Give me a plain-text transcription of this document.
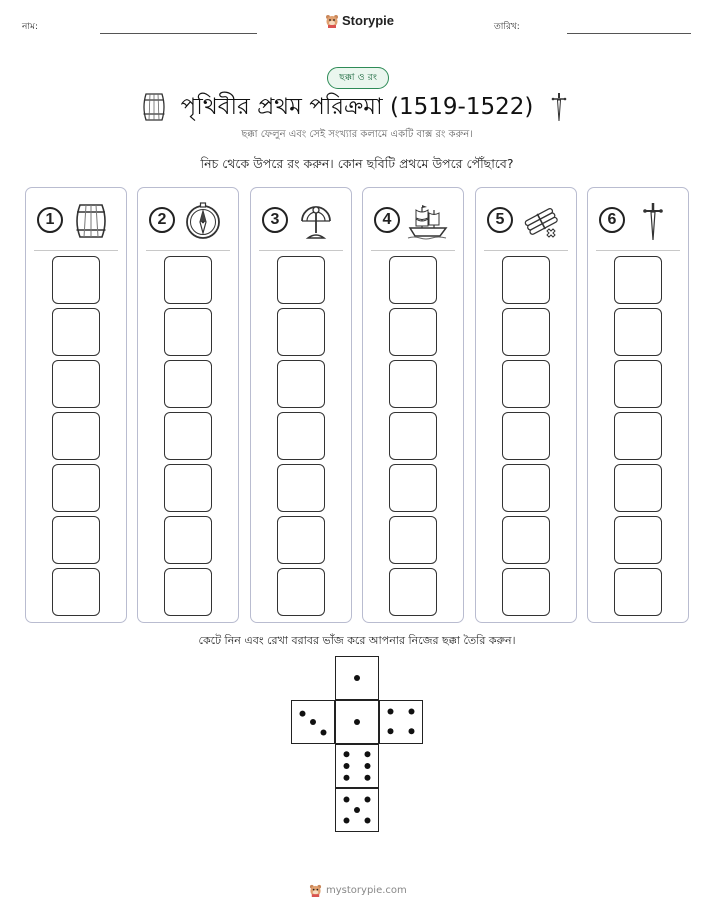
নাম:	Storypie	তারিখ:
ছক্কা ও রং
পৃথিবীর প্রথম পরিক্রমা (1519-1522)
ছক্কা ফেলুন এবং সেই সংখ্যার কলামে একটি বাক্স রং করুন।
নিচ থেকে উপরে রং করুন। কোন ছবিটি প্রথমে উপরে পৌঁছাবে?
1	2	3	4	5	6
কেটে নিন এবং রেখা বরাবর ভাঁজ করে আপনার নিজের ছক্কা তৈরি করুন।
mystorypie.com
